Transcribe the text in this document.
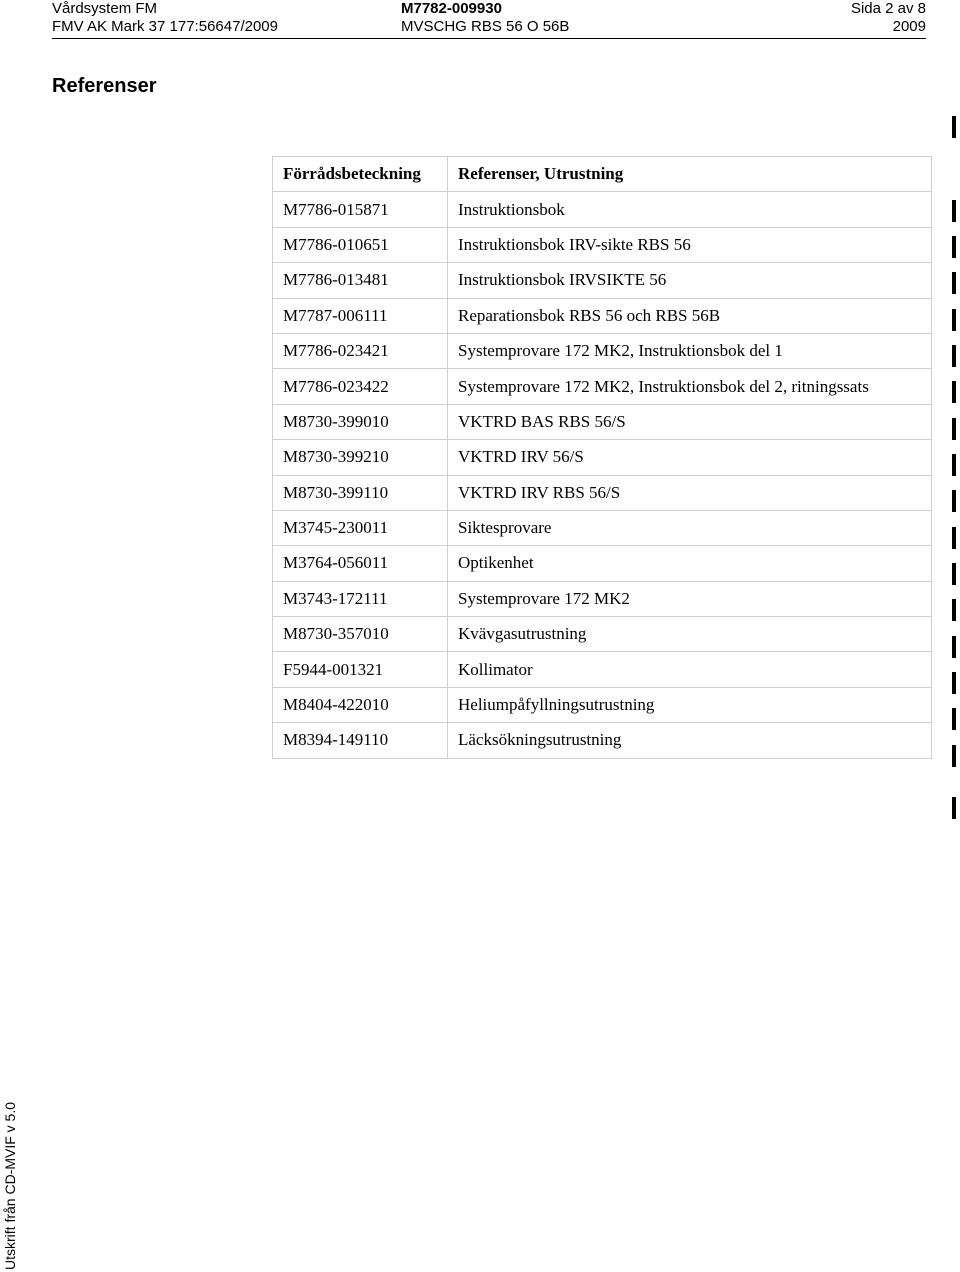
Vårdsystem FM
FMV AK Mark 37 177:56647/2009
M7782-009930
MVSCHG RBS 56 O 56B
Sida 2 av 8
2009
Referenser
Förrådsbeteckning	Referenser, Utrustning
M7786-015871	Instruktionsbok
M7786-010651	Instruktionsbok IRV-sikte RBS 56
M7786-013481	Instruktionsbok IRVSIKTE 56
M7787-006111	Reparationsbok RBS 56 och RBS 56B
M7786-023421	Systemprovare 172 MK2, Instruktionsbok del 1
M7786-023422	Systemprovare 172 MK2, Instruktionsbok del 2, ritningssats
M8730-399010	VKTRD BAS RBS 56/S
M8730-399210	VKTRD IRV 56/S
M8730-399110	VKTRD IRV RBS 56/S
M3745-230011	Siktesprovare
M3764-056011	Optikenhet
M3743-172111	Systemprovare 172 MK2
M8730-357010	Kvävgasutrustning
F5944-001321	Kollimator
M8404-422010	Heliumpåfyllningsutrustning
M8394-149110	Läcksökningsutrustning
Utskrift från CD-MVIF v 5.0
